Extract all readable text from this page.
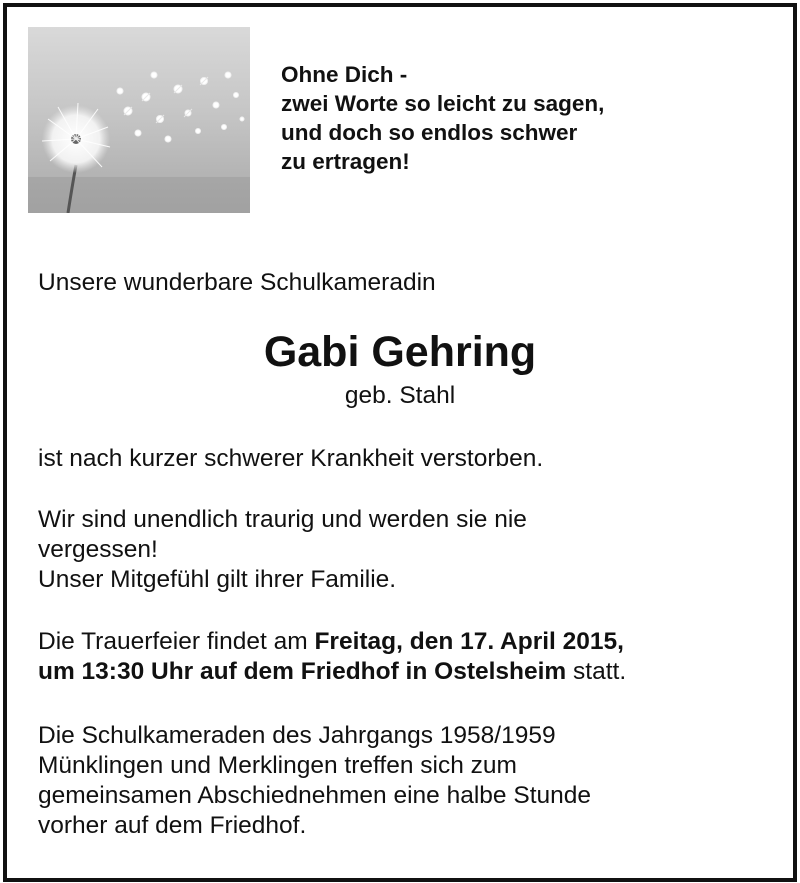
Ohne Dich -
zwei Worte so leicht zu sagen,
und doch so endlos schwer
zu ertragen!
Unsere wunderbare Schulkameradin
Gabi Gehring
geb. Stahl
ist nach kurzer schwerer Krankheit verstorben.
Wir sind unendlich traurig und werden sie nie
vergessen!
Unser Mitgefühl gilt ihrer Familie.
Die Trauerfeier findet am Freitag, den 17. April 2015,
um 13:30 Uhr auf dem Friedhof in Ostelsheim statt.
Die Schulkameraden des Jahrgangs 1958/1959
Münklingen und Merklingen treffen sich zum
gemeinsamen Abschiednehmen eine halbe Stunde
vorher auf dem Friedhof.
